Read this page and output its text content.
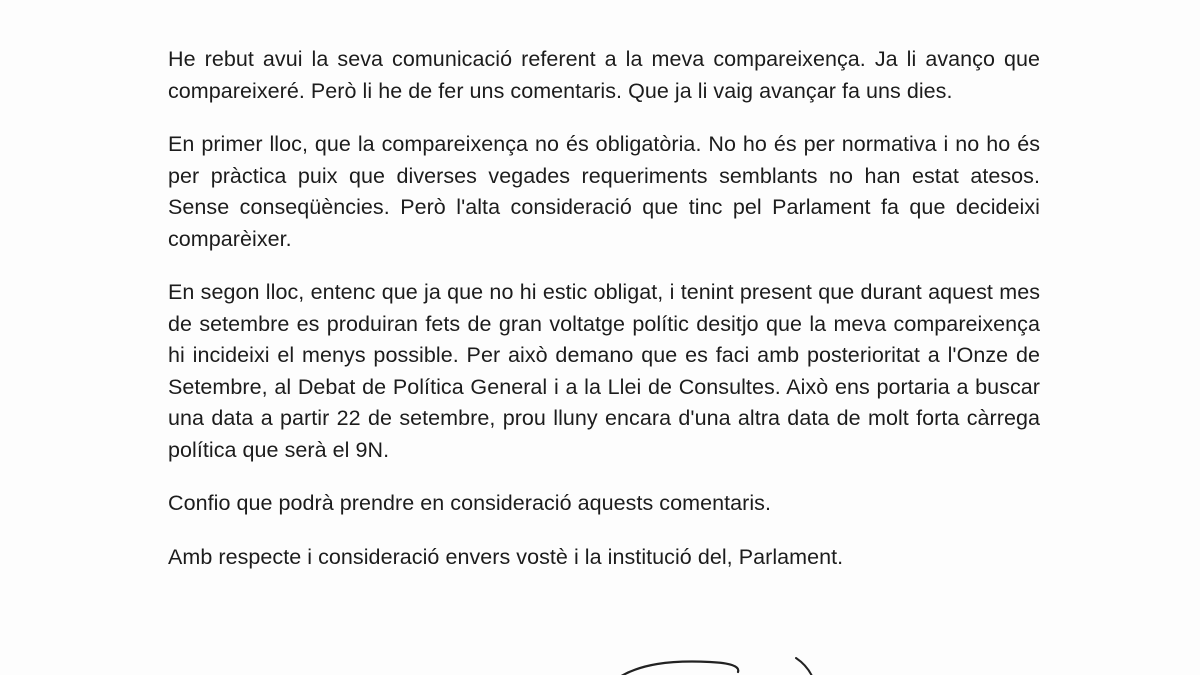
He rebut avui la seva comunicació referent a la meva compareixença. Ja li avanço que compareixeré. Però li he de fer uns comentaris. Que ja li vaig avançar fa uns dies.

En primer lloc, que la compareixença no és obligatòria. No ho és per normativa i no ho és per pràctica puix que diverses vegades requeriments semblants no han estat atesos. Sense conseqüències. Però l'alta consideració que tinc pel Parlament fa que decideixi comparèixer.

En segon lloc, entenc que ja que no hi estic obligat, i tenint present que durant aquest mes de setembre es produiran fets de gran voltatge polític desitjo que la meva compareixença hi incideixi el menys possible. Per això demano que es faci amb posterioritat a l'Onze de Setembre, al Debat de Política General i a la Llei de Consultes. Això ens portaria a buscar una data a partir 22 de setembre, prou lluny encara d'una altra data de molt forta càrrega política que serà el 9N.

Confio que podrà prendre en consideració aquests comentaris.

Amb respecte i consideració envers vostè i la institució del, Parlament.
